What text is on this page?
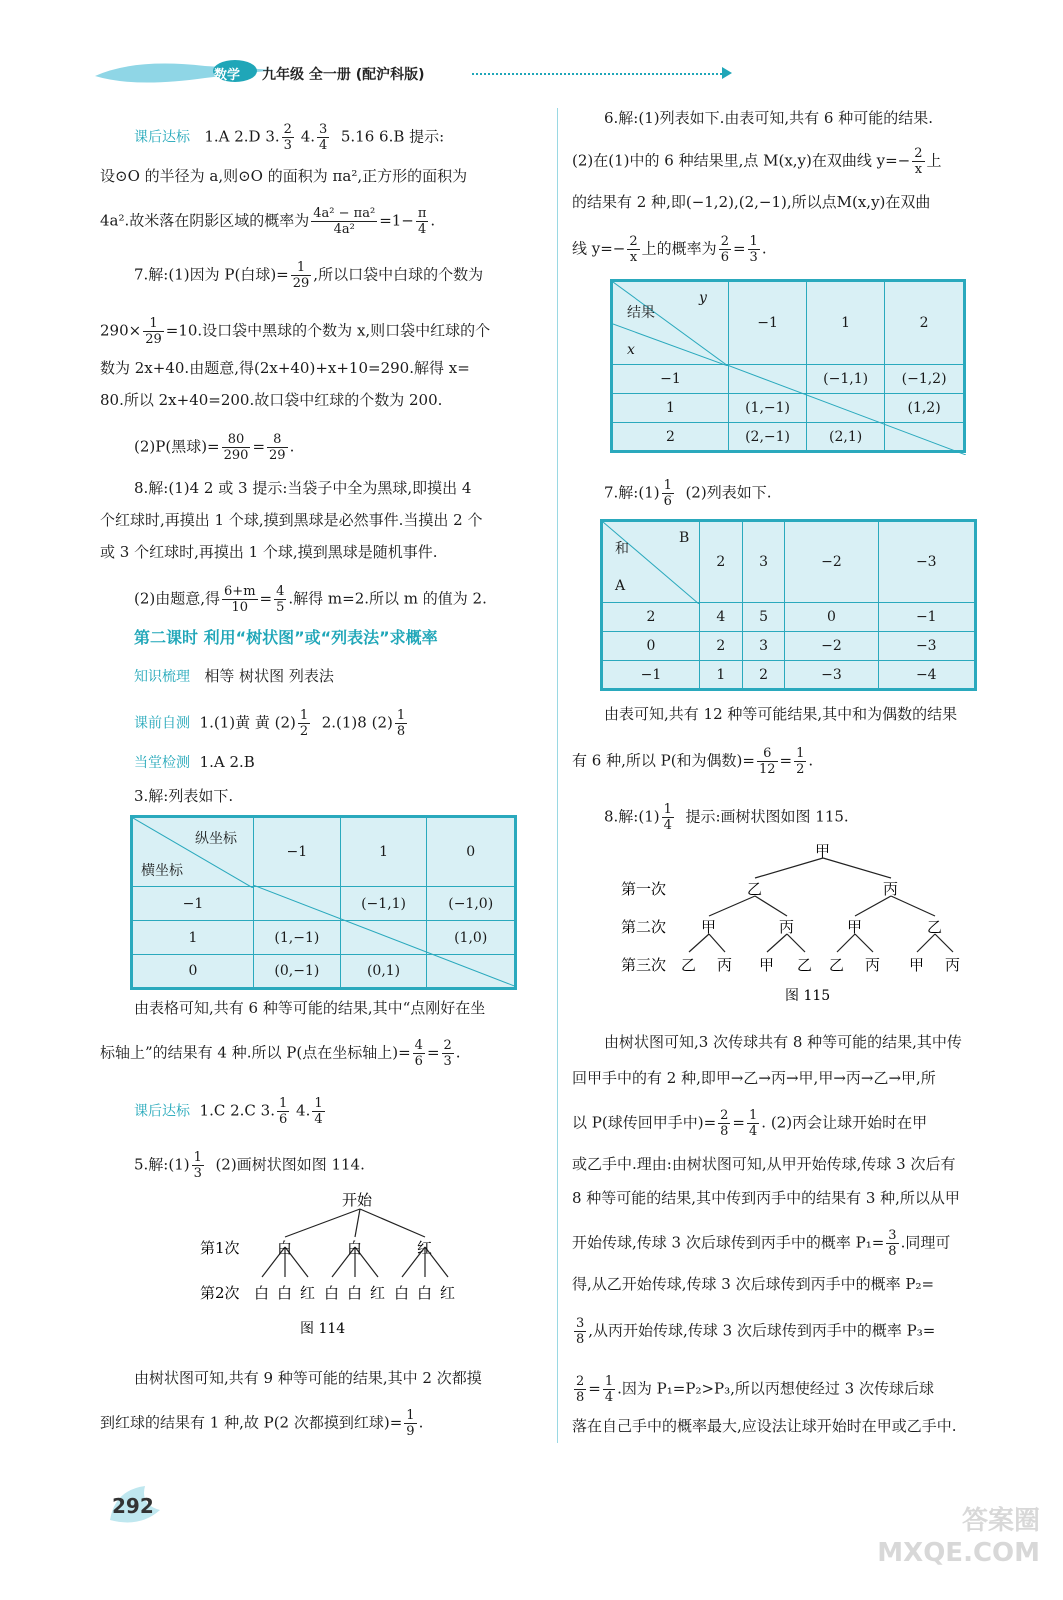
数学 九年级 全一册 (配沪科版)
课后达标 1.A 2.D 3. $\frac{2}{3} 4$. $\frac{3}{4} 5.16$ 6.B 提示:
设⊙O 的半径为 a,则⊙O 的面积为 πa²,正方形的面积为
4a².故米落在阴影区域的概率为 $\frac{\text{4a² − πa²}}{\text{4a²}} =1- \frac{\pi}{4}$ .
7.解:(1)因为 P(白球)= $\frac{1}{29}$ ,所以口袋中白球的个数为
$290\times \frac{1}{29} =10$.设口袋中黑球的个数为 x,则口袋中红球的个
数为 2x+40.由题意,得(2x+40)+x+10=290.解得 x=
80.所以 2x+40=200.故口袋中红球的个数为 200.
(2)P(黑球)= $\frac{80}{290} = \frac{8}{29}$ .
8.解:(1)4 2 或 3 提示:当袋子中全为黑球,即摸出 4
个红球时,再摸出 1 个球,摸到黑球是必然事件.当摸出 2 个
或 3 个红球时,再摸出 1 个球,摸到黑球是随机事件.
(2)由题意,得 $\frac{6+m}{10} = \frac{4}{5}$ .解得 m=2.所以 m 的值为 2.
第二课时 利用“树状图”或“列表法”求概率
知识梳理 相等 树状图 列表法
课前自测 1.(1)黄 黄 $(2) \frac{1}{2} 2.(1)8$ $(2) \frac{1}{8}$
当堂检测 1.A 2.B
3.解:列表如下.
纵坐标
横坐标	−1	1	0
−1		(−1,1)	(−1,0)
1	(1,−1)		(1,0)
0	(0,−1)	(0,1)	
由表格可知,共有 6 种等可能的结果,其中“点刚好在坐
标轴上”的结果有 4 种.所以 P(点在坐标轴上)= $\frac{4}{6} = \frac{2}{3}$ .
课后达标 1.C 2.C 3. $\frac{1}{6} 4$. $\frac{1}{4}$
5.解:(1) $\frac{1}{3} (2)$画树状图如图 114.
开始
第1次
第2次
白	白	红
白 白 红 白 白 红 白 白 红
图 114
由树状图可知,共有 9 种等可能的结果,其中 2 次都摸
到红球的结果有 1 种,故 P(2 次都摸到红球)= $\frac{1}{9}$ .
6.解:(1)列表如下.由表可知,共有 6 种可能的结果.
(2)在(1)中的 6 种结果里,点 M(x,y)在双曲线 $y=- \frac{2}{x}$ 上
的结果有 2 种,即(−1,2),(2,−1),所以点M(x,y)在双曲
线 $y=- \frac{2}{x}$ 上的概率为 $\frac{2}{6} = \frac{1}{3}$ .
结果
y
x	−1	1	2
−1		(−1,1)	(−1,2)
1	(1,−1)		(1,2)
2	(2,−1)	(2,1)	
7.解:(1) $\frac{1}{6} (2)$列表如下.
和
B
A	2	3	−2	−3
2	4	5	0	−1
0	2	3	−2	−3
−1	1	2	−3	−4
由表可知,共有 12 种等可能结果,其中和为偶数的结果
有 6 种,所以 P(和为偶数)= $\frac{6}{12} = \frac{1}{2}$ .
8.解:(1) $\frac{1}{4}$ 提示:画树状图如图 115.
甲
第一次
第二次
第三次
乙	丙
甲	丙	甲	乙
乙 丙 甲 乙 乙 丙 甲 丙
图 115
由树状图可知,3 次传球共有 8 种等可能的结果,其中传
回甲手中的有 2 种,即甲→乙→丙→甲,甲→丙→乙→甲,所
以 P(球传回甲手中)= $\frac{2}{8} = \frac{1}{4}$ . (2)丙会让球开始时在甲
或乙手中.理由:由树状图可知,从甲开始传球,传球 3 次后有
8 种等可能的结果,其中传到丙手中的结果有 3 种,所以从甲
开始传球,传球 3 次后球传到丙手中的概率 $P_1= \frac{3}{8}$ .同理可
得,从乙开始传球,传球 3 次后球传到丙手中的概率 P₂=
$\frac{3}{8}$ ,从丙开始传球,传球 3 次后球传到丙手中的概率 P₃=
$\frac{2}{8} = \frac{1}{4}$ .因为 P₁=P₂>P₃,所以丙想使经过 3 次传球后球
落在自己手中的概率最大,应设法让球开始时在甲或乙手中.
292	答案圈 MXQE.COM
